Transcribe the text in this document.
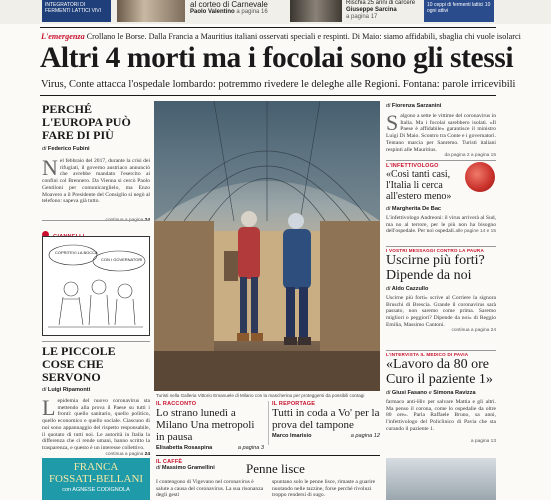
INTEGRATORI DI FERMENTI LATTICI VIVI
al corteo di Carnevale
Paolo Valentino a pagina 16
Rischia 25 anni di carcere
Giuseppe Sarcina
a pagina 17
10 ceppi di fermenti lattici 10 ogni attivi
L'emergenza Crollano le Borse. Dalla Francia a Mauritius italiani osservati speciali e respinti. Di Maio: siamo affidabili, sbaglia chi vuole isolarci
Altri 4 morti ma i focolai sono gli stessi
Virus, Conte attacca l'ospedale lombardo: potremmo rivedere le deleghe alle Regioni. Fontana: parole irricevibili
PERCHÉ L'EUROPA PUÒ FARE DI PIÙ
di Federico Fubini
N el febbraio del 2017, durante la crisi dei rifugiati, il governo austriaco annunciò che avrebbe mandato l'esercito ai confini col Brennero. Da Vienna si cercò Paolo Gentiloni per comunicarglielo, ma Enzo Moavero a il Presidente del Consiglio si negò al telefono: sapeva già tutto.
COPRITEVI LA BOCCA
CON I GOVERNATORI
LE PICCOLE COSE CHE SERVONO
di Luigi Ripamonti
L epidemia del nuovo coronavirus sta mettendo alla prova il Paese su tutti i fronti: quello sanitario, quello politico, quello economico e quello sociale. Ciascuno di noi sono appannaggio del rispetto responsabile, il quotato di tutti noi. Le autorità in Italia la differenza che ci rende umani, hanno scritto la trasparenza, e questo è un interesse collettivo.
continua a pagina 24
FRANCA
FOSSATI-BELLANI
con AGNESE CODIGNOLA
Turisti nella Galleria Vittorio Emanuele di Milano con la mascherina per proteggersi da possibili contagi
IL RACCONTO
Lo strano lunedì a Milano Una metropoli in pausa
Elisabetta Rosaspina	a pagina 3
IL REPORTAGE
Tutti in coda a Vo' per la prova del tampone
Marco Imarisio	a pagina 12
IL CAFFÈ
di Massimo Gramellini	Penne lisce
I contengono di Vigevano nel coronavirus è salute a causa del coronavirus. La sua risonanza degli gesti
spuntano solo le penne lisce, rimaste a guarire nuotando nelle tazzine, forse perché rivoluzi troppo rendersi di sugo.
di Fiorenza Sarzanini
S algono a sette le vittime del coronavirus in Italia. Ma i focolai sarebbero isolati. «Il Paese è affidabile» garantisce il ministro Luigi Di Maio. Scontro tra Conte e i governatori. Tentano marcia per Sanremo. Turisti italiani respinti alle Mauritius.
da pagina 2 a pagina 15
L'INFETTIVOLOGO
«Così tanti casi, l'Italia li cerca all'estero meno»
di Margherita De Bac
L'infettivologo Andreoni: il virus arriverà al Sud, ma no al terrore, per le più non ha bisogno dell'ospedale. Per noi ospedali. alle pagine 14 e 15
I VOSTRI MESSAGGI CONTRO LA PAURA
Uscirne più forti? Dipende da noi
di Aldo Cazzullo
Uscirne più forti» scrive al Corriere la signora Bruschi di Brescia. Grande il coronavirus sarà passato, non saremo come prima. Saremo migliori o peggiori? Dipende da noi» di Reggio Emilia, Massimo Cantoni.
continua a pagina 24
L'INTERVISTA IL MEDICO DI PAVIA
«Lavoro da 80 ore Curo il paziente 1»
di Giusi Fasano e Simona Ravizza
farmaco anti-Hiv per salvare Mattia e gli altri. Ma penso il corona, come lo ospedalie da oltre 80 ore». Parla Raffaele Bruno, sa anni, l'infettivologo del Policlinico di Pavia che sta curando il paziente 1.
a pagina 13
